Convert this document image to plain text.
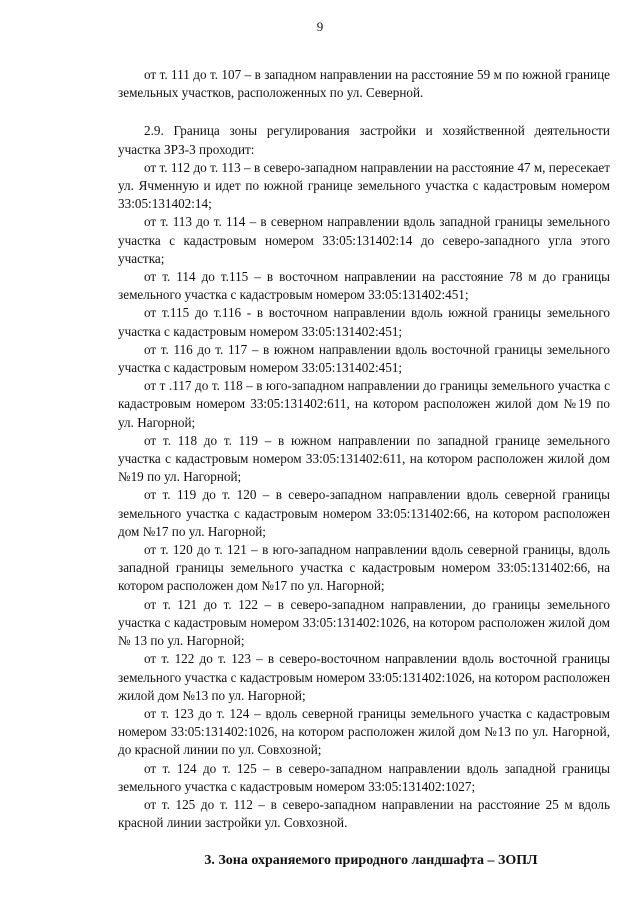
9

от т. 111 до т. 107 – в западном направлении на расстояние 59 м по южной границе земельных участков, расположенных по ул. Северной.

2.9. Граница зоны регулирования застройки и хозяйственной деятельности участка ЗРЗ-3 проходит:

от т. 112 до т. 113 – в северо-западном направлении на расстояние 47 м, пересекает ул. Ячменную и идет по южной границе земельного участка с кадастровым номером 33:05:131402:14;

от т. 113 до т. 114 – в северном направлении вдоль западной границы земельного участка с кадастровым номером 33:05:131402:14 до северо-западного угла этого участка;

от т. 114 до т.115 – в восточном направлении на расстояние 78 м до границы земельного участка с кадастровым номером 33:05:131402:451;

от т.115 до т.116 - в восточном направлении вдоль южной границы земельного участка с кадастровым номером 33:05:131402:451;

от т. 116 до т. 117 – в южном направлении вдоль восточной границы земельного участка с кадастровым номером 33:05:131402:451;

от т .117 до т. 118 – в юго-западном направлении до границы земельного участка с кадастровым номером 33:05:131402:611, на котором расположен жилой дом №19 по ул. Нагорной;

от т. 118 до т. 119 – в южном направлении по западной границе земельного участка с кадастровым номером 33:05:131402:611, на котором расположен жилой дом №19 по ул. Нагорной;

от т. 119 до т. 120 – в северо-западном направлении вдоль северной границы земельного участка с кадастровым номером 33:05:131402:66, на котором расположен дом №17 по ул. Нагорной;

от т. 120 до т. 121 – в юго-западном направлении вдоль северной границы, вдоль западной границы земельного участка с кадастровым номером 33:05:131402:66, на котором расположен дом №17 по ул. Нагорной;

от т. 121 до т. 122 – в северо-западном направлении, до границы земельного участка с кадастровым номером 33:05:131402:1026, на котором расположен жилой дом № 13 по ул. Нагорной;

от т. 122 до т. 123 – в северо-восточном направлении вдоль восточной границы земельного участка с кадастровым номером 33:05:131402:1026, на котором расположен жилой дом №13 по ул. Нагорной;

от т. 123 до т. 124 – вдоль северной границы земельного участка с кадастровым номером 33:05:131402:1026, на котором расположен жилой дом №13 по ул. Нагорной, до красной линии по ул. Совхозной;

от т. 124 до т. 125 – в северо-западном направлении вдоль западной границы земельного участка с кадастровым номером 33:05:131402:1027;

от т. 125 до т. 112 – в северо-западном направлении на расстояние 25 м вдоль красной линии застройки ул. Совхозной.

3. Зона охраняемого природного ландшафта – ЗОПЛ
